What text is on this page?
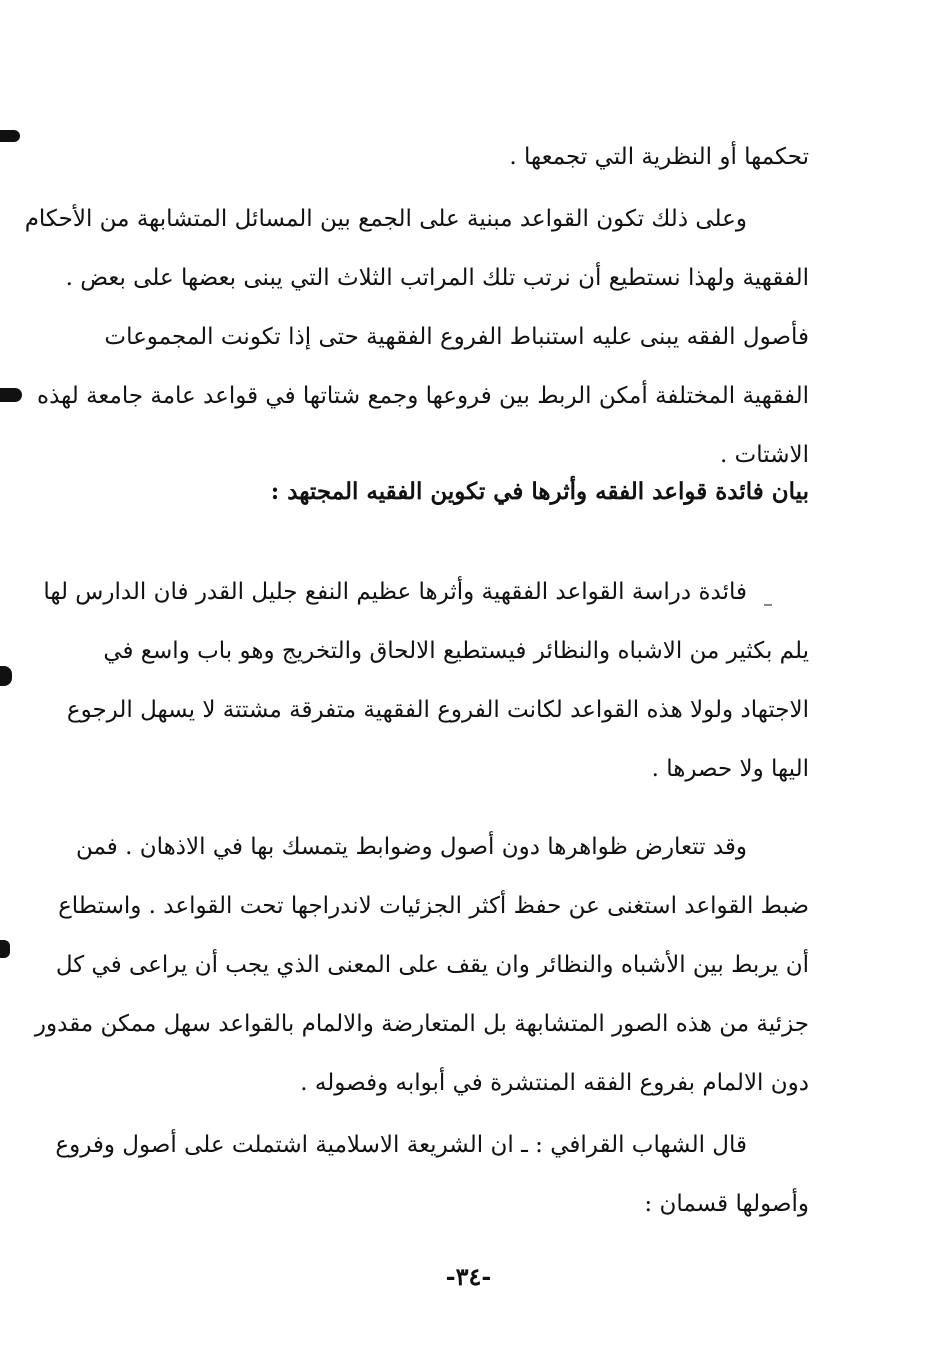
تحكمها أو النظرية التي تجمعها .
وعلى ذلك تكون القواعد مبنية على الجمع بين المسائل المتشابهة من الأحكام
الفقهية ولهذا نستطيع أن نرتب تلك المراتب الثلاث التي يبنى بعضها على بعض .
فأصول الفقه يبنى عليه استنباط الفروع الفقهية حتى إذا تكونت المجموعات
الفقهية المختلفة أمكن الربط بين فروعها وجمع شتاتها في قواعد عامة جامعة لهذه
الاشتات .
بيان فائدة قواعد الفقه وأثرها في تكوين الفقيه المجتهد :
فائدة دراسة القواعد الفقهية وأثرها عظيم النفع جليل القدر فان الدارس لها
يلم بكثير من الاشباه والنظائر فيستطيع الالحاق والتخريج وهو باب واسع في
الاجتهاد ولولا هذه القواعد لكانت الفروع الفقهية متفرقة مشتتة لا يسهل الرجوع
اليها ولا حصرها .
وقد تتعارض ظواهرها دون أصول وضوابط يتمسك بها في الاذهان . فمن
ضبط القواعد استغنى عن حفظ أكثر الجزئيات لاندراجها تحت القواعد . واستطاع
أن يربط بين الأشباه والنظائر وان يقف على المعنى الذي يجب أن يراعى في كل
جزئية من هذه الصور المتشابهة بل المتعارضة والالمام بالقواعد سهل ممكن مقدور
دون الالمام بفروع الفقه المنتشرة في أبوابه وفصوله .
قال الشهاب القرافي : ـ ان الشريعة الاسلامية اشتملت على أصول وفروع
وأصولها قسمان :
-٣٤-
